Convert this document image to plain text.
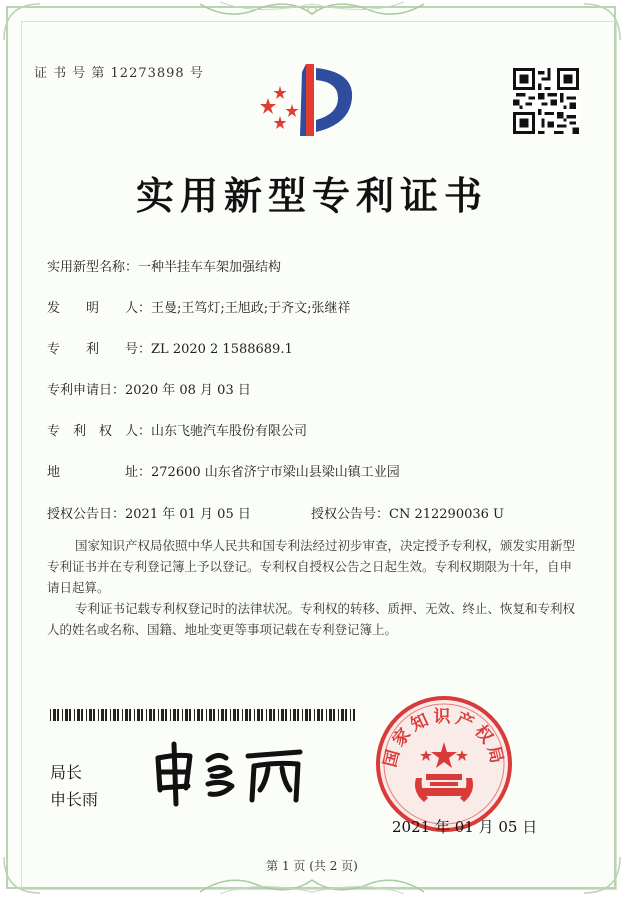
证 书 号 第 12273898 号
实用新型专利证书
实用新型名称：一种半挂车车架加强结构
发　　明　　人：王曼;王笃灯;王旭政;于齐文;张继祥
专　　利　　号：ZL 2020 2 1588689.1
专利申请日：2020 年 08 月 03 日
专　利　权　人：山东飞驰汽车股份有限公司
地　　　　　址：272600 山东省济宁市梁山县梁山镇工业园
授权公告日：2021 年 01 月 05 日	授权公告号：CN 212290036 U
国家知识产权局依照中华人民共和国专利法经过初步审查，决定授予专利权，颁发实用新型专利证书并在专利登记簿上予以登记。专利权自授权公告之日起生效。专利权期限为十年，自申请日起算。
专利证书记载专利权登记时的法律状况。专利权的转移、质押、无效、终止、恢复和专利权人的姓名或名称、国籍、地址变更等事项记载在专利登记簿上。
局长
申长雨
国家知识产权局
2021 年 01 月 05 日
第 1 页 (共 2 页)
